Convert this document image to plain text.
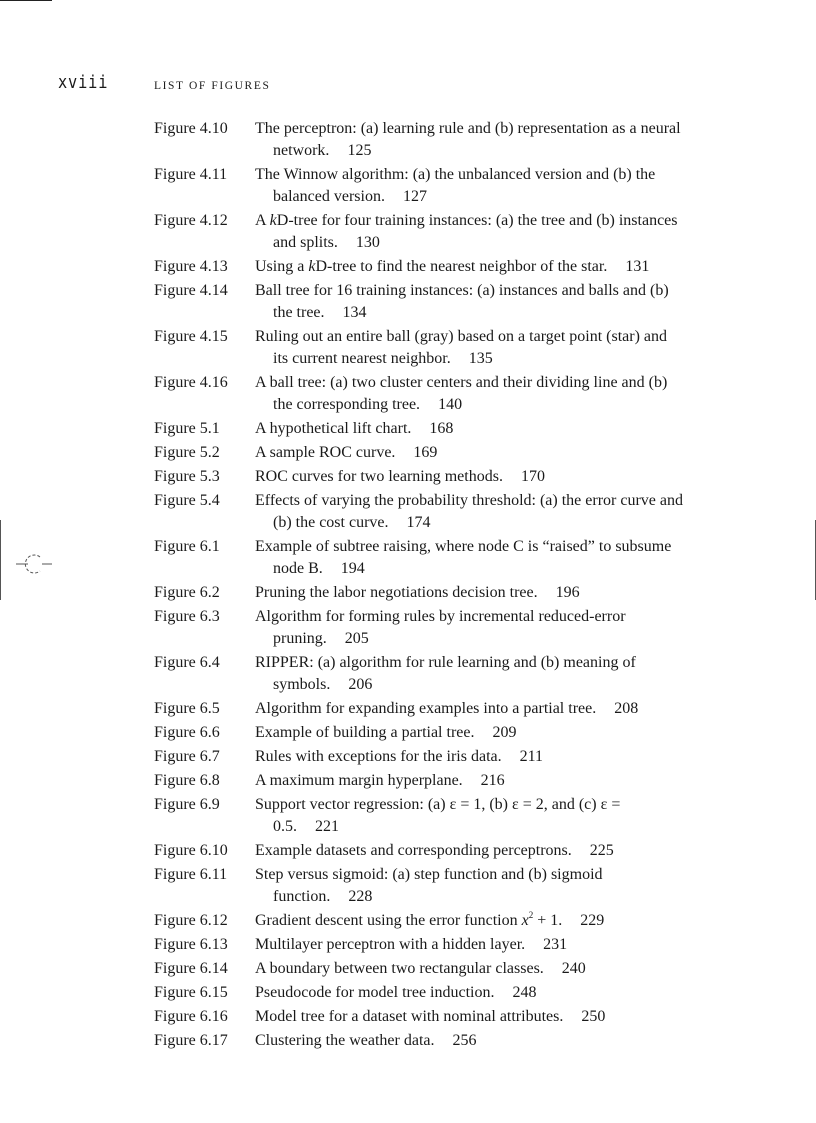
xviii	LIST OF FIGURES
Figure 4.10 The perceptron: (a) learning rule and (b) representation as a neural network. 125
Figure 4.11 The Winnow algorithm: (a) the unbalanced version and (b) the balanced version. 127
Figure 4.12 A kD-tree for four training instances: (a) the tree and (b) instances and splits. 130
Figure 4.13 Using a kD-tree to find the nearest neighbor of the star. 131
Figure 4.14 Ball tree for 16 training instances: (a) instances and balls and (b) the tree. 134
Figure 4.15 Ruling out an entire ball (gray) based on a target point (star) and its current nearest neighbor. 135
Figure 4.16 A ball tree: (a) two cluster centers and their dividing line and (b) the corresponding tree. 140
Figure 5.1 A hypothetical lift chart. 168
Figure 5.2 A sample ROC curve. 169
Figure 5.3 ROC curves for two learning methods. 170
Figure 5.4 Effects of varying the probability threshold: (a) the error curve and (b) the cost curve. 174
Figure 6.1 Example of subtree raising, where node C is “raised” to subsume node B. 194
Figure 6.2 Pruning the labor negotiations decision tree. 196
Figure 6.3 Algorithm for forming rules by incremental reduced-error pruning. 205
Figure 6.4 RIPPER: (a) algorithm for rule learning and (b) meaning of symbols. 206
Figure 6.5 Algorithm for expanding examples into a partial tree. 208
Figure 6.6 Example of building a partial tree. 209
Figure 6.7 Rules with exceptions for the iris data. 211
Figure 6.8 A maximum margin hyperplane. 216
Figure 6.9 Support vector regression: (a) ε = 1, (b) ε = 2, and (c) ε = 0.5. 221
Figure 6.10 Example datasets and corresponding perceptrons. 225
Figure 6.11 Step versus sigmoid: (a) step function and (b) sigmoid function. 228
Figure 6.12 Gradient descent using the error function $x^2 + 1$. 229
Figure 6.13 Multilayer perceptron with a hidden layer. 231
Figure 6.14 A boundary between two rectangular classes. 240
Figure 6.15 Pseudocode for model tree induction. 248
Figure 6.16 Model tree for a dataset with nominal attributes. 250
Figure 6.17 Clustering the weather data. 256
